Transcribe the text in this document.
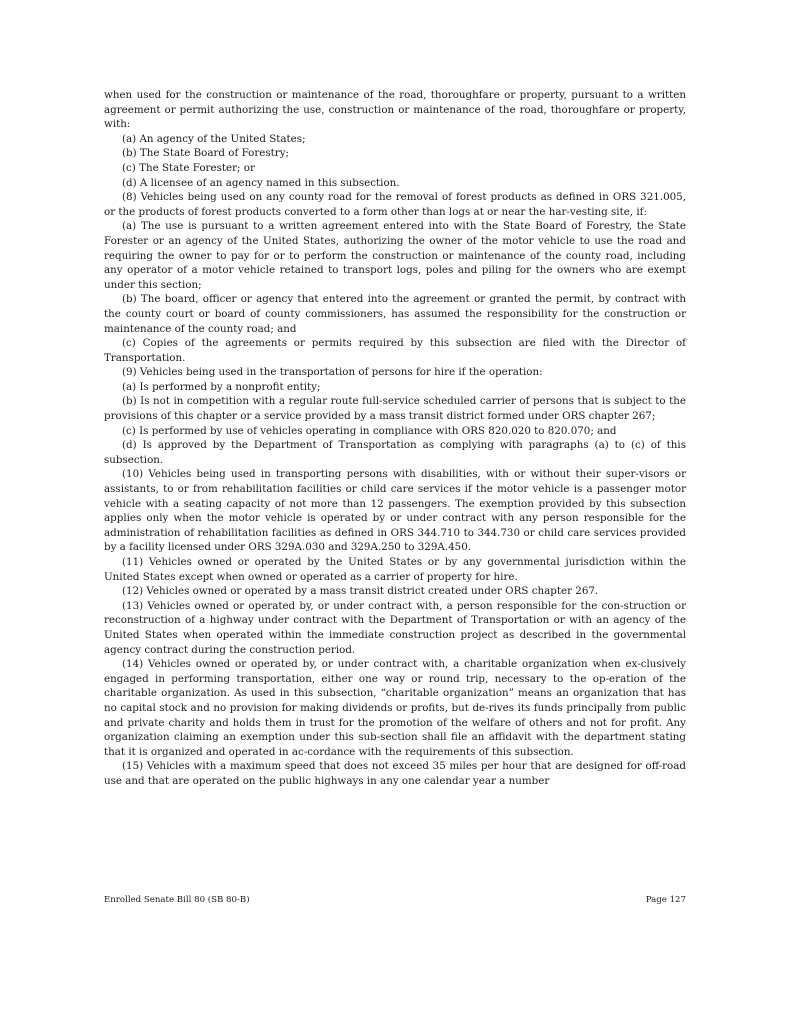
when used for the construction or maintenance of the road, thoroughfare or property, pursuant to a written agreement or permit authorizing the use, construction or maintenance of the road, thoroughfare or property, with:

(a) An agency of the United States;

(b) The State Board of Forestry;

(c) The State Forester; or

(d) A licensee of an agency named in this subsection.

(8) Vehicles being used on any county road for the removal of forest products as defined in ORS 321.005, or the products of forest products converted to a form other than logs at or near the har-vesting site, if:

(a) The use is pursuant to a written agreement entered into with the State Board of Forestry, the State Forester or an agency of the United States, authorizing the owner of the motor vehicle to use the road and requiring the owner to pay for or to perform the construction or maintenance of the county road, including any operator of a motor vehicle retained to transport logs, poles and piling for the owners who are exempt under this section;

(b) The board, officer or agency that entered into the agreement or granted the permit, by contract with the county court or board of county commissioners, has assumed the responsibility for the construction or maintenance of the county road; and

(c) Copies of the agreements or permits required by this subsection are filed with the Director of Transportation.

(9) Vehicles being used in the transportation of persons for hire if the operation:

(a) Is performed by a nonprofit entity;

(b) Is not in competition with a regular route full-service scheduled carrier of persons that is subject to the provisions of this chapter or a service provided by a mass transit district formed under ORS chapter 267;

(c) Is performed by use of vehicles operating in compliance with ORS 820.020 to 820.070; and

(d) Is approved by the Department of Transportation as complying with paragraphs (a) to (c) of this subsection.

(10) Vehicles being used in transporting persons with disabilities, with or without their super-visors or assistants, to or from rehabilitation facilities or child care services if the motor vehicle is a passenger motor vehicle with a seating capacity of not more than 12 passengers. The exemption provided by this subsection applies only when the motor vehicle is operated by or under contract with any person responsible for the administration of rehabilitation facilities as defined in ORS 344.710 to 344.730 or child care services provided by a facility licensed under ORS 329A.030 and 329A.250 to 329A.450.

(11) Vehicles owned or operated by the United States or by any governmental jurisdiction within the United States except when owned or operated as a carrier of property for hire.

(12) Vehicles owned or operated by a mass transit district created under ORS chapter 267.

(13) Vehicles owned or operated by, or under contract with, a person responsible for the con-struction or reconstruction of a highway under contract with the Department of Transportation or with an agency of the United States when operated within the immediate construction project as described in the governmental agency contract during the construction period.

(14) Vehicles owned or operated by, or under contract with, a charitable organization when ex-clusively engaged in performing transportation, either one way or round trip, necessary to the op-eration of the charitable organization. As used in this subsection, “charitable organization” means an organization that has no capital stock and no provision for making dividends or profits, but de-rives its funds principally from public and private charity and holds them in trust for the promotion of the welfare of others and not for profit. Any organization claiming an exemption under this sub-section shall file an affidavit with the department stating that it is organized and operated in ac-cordance with the requirements of this subsection.

(15) Vehicles with a maximum speed that does not exceed 35 miles per hour that are designed for off-road use and that are operated on the public highways in any one calendar year a number

Enrolled Senate Bill 80 (SB 80-B)	Page 127
